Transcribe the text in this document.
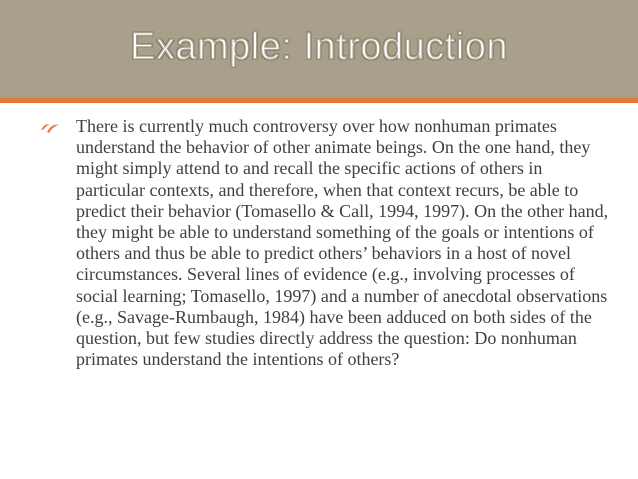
Example: Introduction

There is currently much controversy over how nonhuman primates understand the behavior of other animate beings. On the one hand, they might simply attend to and recall the specific actions of others in particular contexts, and therefore, when that context recurs, be able to predict their behavior (Tomasello & Call, 1994, 1997). On the other hand, they might be able to understand something of the goals or intentions of others and thus be able to predict others’ behaviors in a host of novel circumstances. Several lines of evidence (e.g., involving processes of social learning; Tomasello, 1997) and a number of anecdotal observations (e.g., Savage-Rumbaugh, 1984) have been adduced on both sides of the question, but few studies directly address the question: Do nonhuman primates understand the intentions of others?
